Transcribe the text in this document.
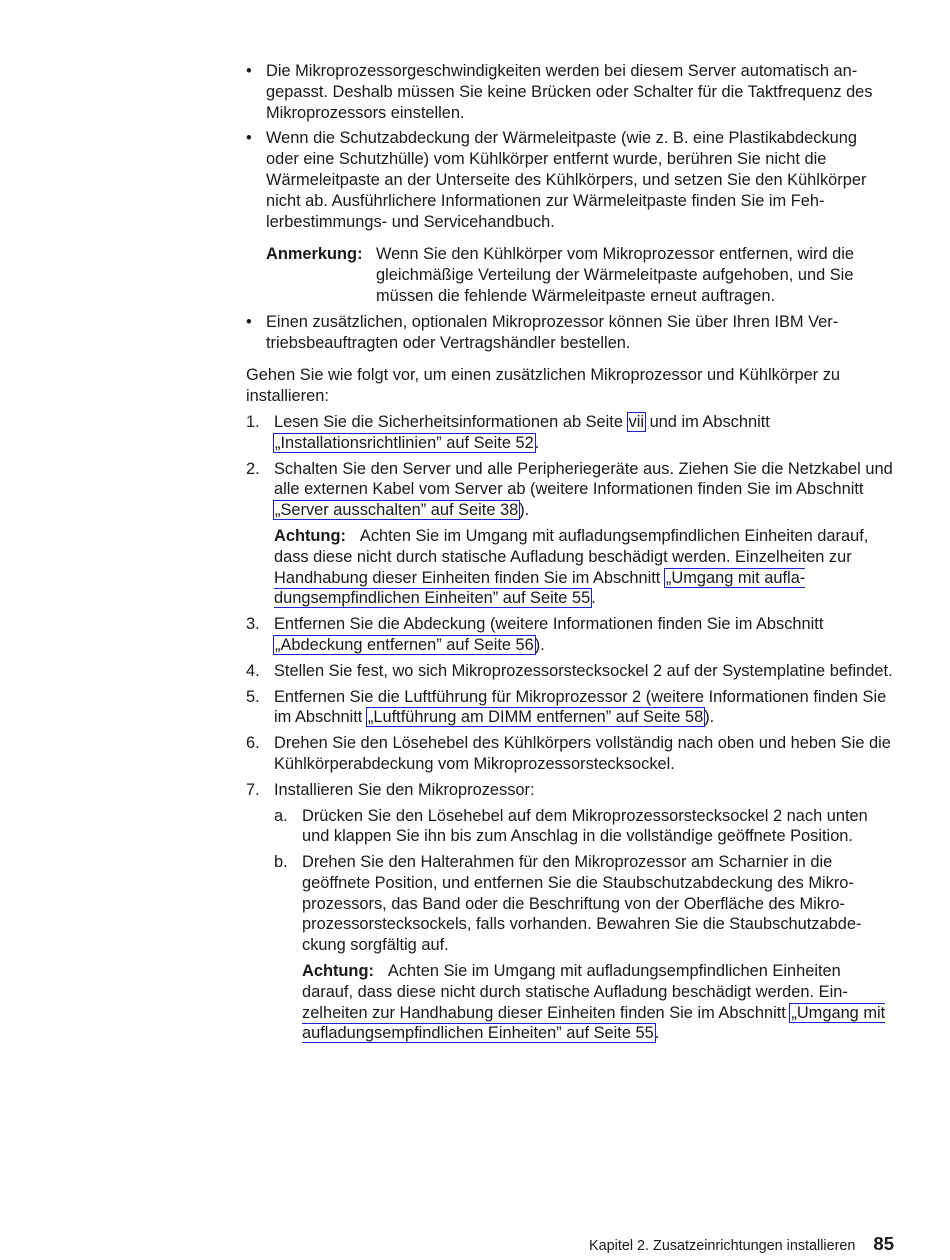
• Die Mikroprozessorgeschwindigkeiten werden bei diesem Server automatisch angepasst. Deshalb müssen Sie keine Brücken oder Schalter für die Taktfrequenz des Mikroprozessors einstellen.
• Wenn die Schutzabdeckung der Wärmeleitpaste (wie z. B. eine Plastikabdeckung oder eine Schutzhülle) vom Kühlkörper entfernt wurde, berühren Sie nicht die Wärmeleitpaste an der Unterseite des Kühlkörpers, und setzen Sie den Kühlkörper nicht ab. Ausführlichere Informationen zur Wärmeleitpaste finden Sie im Fehlerbestimmungs- und Servicehandbuch.
Anmerkung: Wenn Sie den Kühlkörper vom Mikroprozessor entfernen, wird die gleichmäßige Verteilung der Wärmeleitpaste aufgehoben, und Sie müssen die fehlende Wärmeleitpaste erneut auftragen.
• Einen zusätzlichen, optionalen Mikroprozessor können Sie über Ihren IBM Vertriebsbeauftragten oder Vertragshändler bestellen.
Gehen Sie wie folgt vor, um einen zusätzlichen Mikroprozessor und Kühlkörper zu installieren:
1. Lesen Sie die Sicherheitsinformationen ab Seite vii und im Abschnitt „Installationsrichtlinien” auf Seite 52.
2. Schalten Sie den Server und alle Peripheriegeräte aus. Ziehen Sie die Netzkabel und alle externen Kabel vom Server ab (weitere Informationen finden Sie im Abschnitt „Server ausschalten” auf Seite 38).
Achtung: Achten Sie im Umgang mit aufladungsempfindlichen Einheiten darauf, dass diese nicht durch statische Aufladung beschädigt werden. Einzelheiten zur Handhabung dieser Einheiten finden Sie im Abschnitt „Umgang mit aufladungsempfindlichen Einheiten” auf Seite 55.
3. Entfernen Sie die Abdeckung (weitere Informationen finden Sie im Abschnitt „Abdeckung entfernen” auf Seite 56).
4. Stellen Sie fest, wo sich Mikroprozessorstecksockel 2 auf der Systemplatine befindet.
5. Entfernen Sie die Luftführung für Mikroprozessor 2 (weitere Informationen finden Sie im Abschnitt „Luftführung am DIMM entfernen” auf Seite 58).
6. Drehen Sie den Lösehebel des Kühlkörpers vollständig nach oben und heben Sie die Kühlkörperabdeckung vom Mikroprozessorstecksockel.
7. Installieren Sie den Mikroprozessor:
a. Drücken Sie den Lösehebel auf dem Mikroprozessorstecksockel 2 nach unten und klappen Sie ihn bis zum Anschlag in die vollständige geöffnete Position.
b. Drehen Sie den Halterahmen für den Mikroprozessor am Scharnier in die geöffnete Position, und entfernen Sie die Staubschutzabdeckung des Mikroprozessors, das Band oder die Beschriftung von der Oberfläche des Mikroprozessorstecksockels, falls vorhanden. Bewahren Sie die Staubschutzabdeckung sorgfältig auf.
Achtung: Achten Sie im Umgang mit aufladungsempfindlichen Einheiten darauf, dass diese nicht durch statische Aufladung beschädigt werden. Einzelheiten zur Handhabung dieser Einheiten finden Sie im Abschnitt „Umgang mit aufladungsempfindlichen Einheiten” auf Seite 55.
Kapitel 2. Zusatzeinrichtungen installieren 85
